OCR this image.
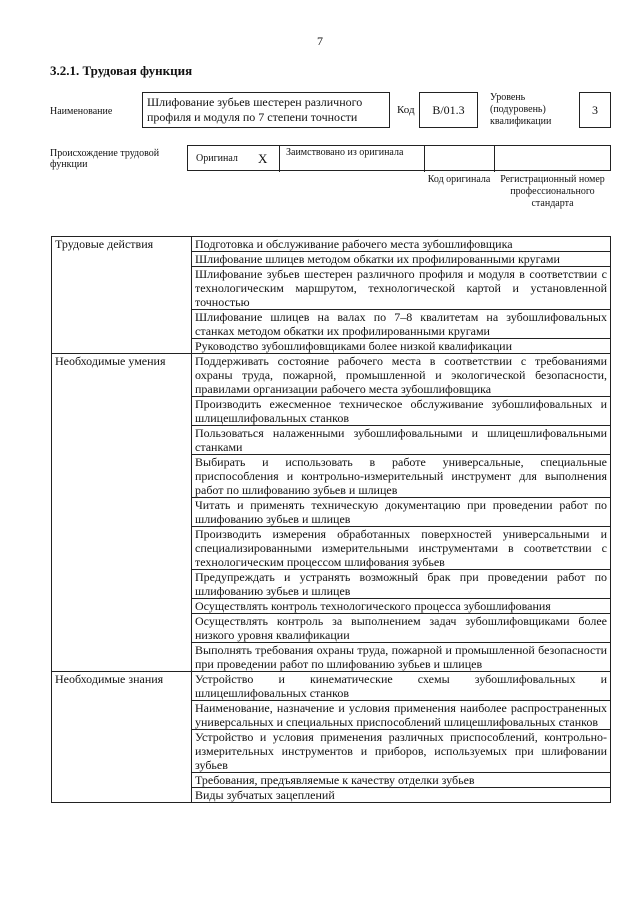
7
3.2.1. Трудовая функция
Наименование
Шлифование зубьев шестерен различного профиля и модуля по 7 степени точности	Код	B/01.3
Уровень (подуровень) квалификации
3
Происхождение трудовой функции
Оригинал X Заимствовано из оригинала
Код оригинала Регистрационный номер профессионального стандарта
Трудовые действия	Подготовка и обслуживание рабочего места зубошлифовщика
	Шлифование шлицев методом обкатки их профилированными кругами
	Шлифование зубьев шестерен различного профиля и модуля в соответствии с технологическим маршрутом, технологической картой и установленной точностью
	Шлифование шлицев на валах по 7–8 квалитетам на зубошлифовальных станках методом обкатки их профилированными кругами
	Руководство зубошлифовщиками более низкой квалификации
Необходимые умения	Поддерживать состояние рабочего места в соответствии с требованиями охраны труда, пожарной, промышленной и экологической безопасности, правилами организации рабочего места зубошлифовщика
	Производить ежесменное техническое обслуживание зубошлифовальных и шлицешлифовальных станков
	Пользоваться налаженными зубошлифовальными и шлицешлифовальными станками
	Выбирать и использовать в работе универсальные, специальные приспособления и контрольно-измерительный инструмент для выполнения работ по шлифованию зубьев и шлицев
	Читать и применять техническую документацию при проведении работ по шлифованию зубьев и шлицев
	Производить измерения обработанных поверхностей универсальными и специализированными измерительными инструментами в соответствии с технологическим процессом шлифования зубьев
	Предупреждать и устранять возможный брак при проведении работ по шлифованию зубьев и шлицев
	Осуществлять контроль технологического процесса зубошлифования
	Осуществлять контроль за выполнением задач зубошлифовщиками более низкого уровня квалификации
	Выполнять требования охраны труда, пожарной и промышленной безопасности при проведении работ по шлифованию зубьев и шлицев
Необходимые знания	Устройство и кинематические схемы зубошлифовальных и шлицешлифовальных станков
	Наименование, назначение и условия применения наиболее распространенных универсальных и специальных приспособлений шлицешлифовальных станков
	Устройство и условия применения различных приспособлений, контрольно-измерительных инструментов и приборов, используемых при шлифовании зубьев
	Требования, предъявляемые к качеству отделки зубьев
	Виды зубчатых зацеплений
